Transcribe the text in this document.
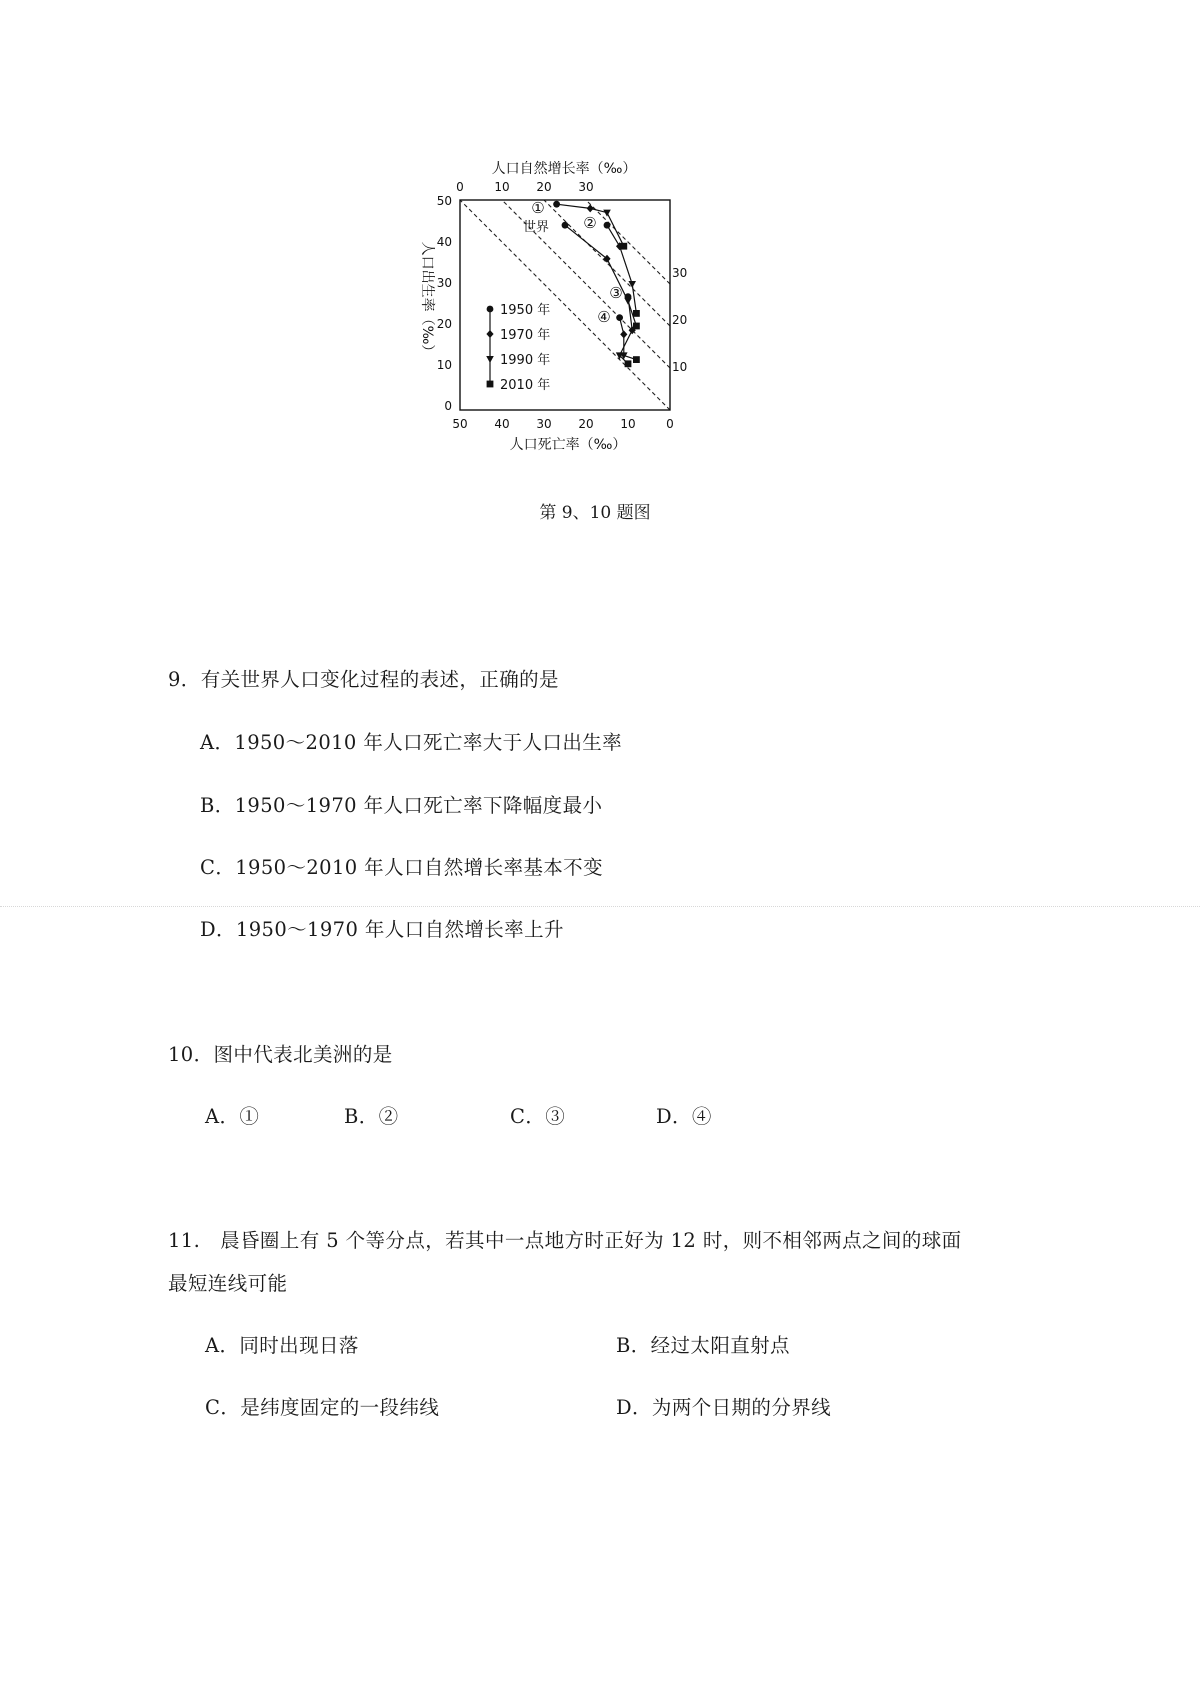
0	10 20 30
50
40
30
20
10
0
50 40 30 20 10	0
30
20
10
①
世界 ②
③
④
人口自然增长率（‰）
人口死亡率（‰）
人口出生率（‰）	1950 年
1970 年
1990 年
2010 年
第 9、10 题图
9．有关世界人口变化过程的表述，正确的是
A．1950～2010 年人口死亡率大于人口出生率
B．1950～1970 年人口死亡率下降幅度最小
C．1950～2010 年人口自然增长率基本不变
D．1950～1970 年人口自然增长率上升
10．图中代表北美洲的是
A．①	B．②	C．③	D．④
11.　晨昏圈上有 5 个等分点，若其中一点地方时正好为 12 时，则不相邻两点之间的球面
最短连线可能
A．同时出现日落	B．经过太阳直射点
C．是纬度固定的一段纬线	D．为两个日期的分界线
